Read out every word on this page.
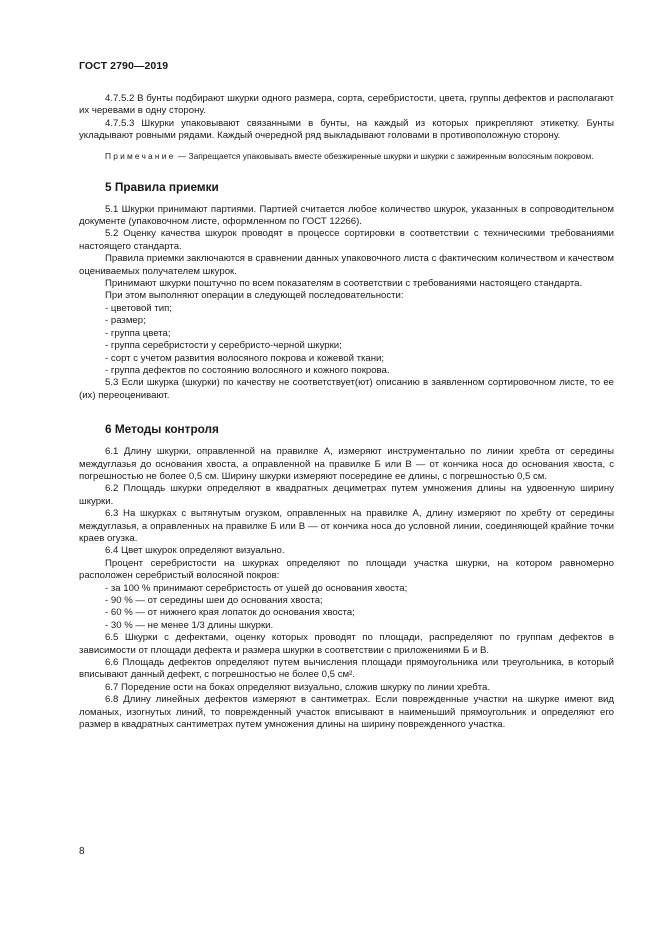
ГОСТ 2790—2019

4.7.5.2 В бунты подбирают шкурки одного размера, сорта, серебристости, цвета, группы дефектов и располагают их черевами в одну сторону.

4.7.5.3 Шкурки упаковывают связанными в бунты, на каждый из которых прикрепляют этикетку. Бунты укладывают ровными рядами. Каждый очередной ряд выкладывают головами в противоположную сторону.

Примечание — Запрещается упаковывать вместе обезжиренные шкурки и шкурки с зажиренным волосяным покровом.

5 Правила приемки

5.1 Шкурки принимают партиями. Партией считается любое количество шкурок, указанных в сопроводительном документе (упаковочном листе, оформленном по ГОСТ 12266).

5.2 Оценку качества шкурок проводят в процессе сортировки в соответствии с техническими требованиями настоящего стандарта.

Правила приемки заключаются в сравнении данных упаковочного листа с фактическим количеством и качеством оцениваемых получателем шкурок.

Принимают шкурки поштучно по всем показателям в соответствии с требованиями настоящего стандарта.

При этом выполняют операции в следующей последовательности:

- цветовой тип;

- размер;

- группа цвета;

- группа серебристости у серебристо-черной шкурки;

- сорт с учетом развития волосяного покрова и кожевой ткани;

- группа дефектов по состоянию волосяного и кожного покрова.

5.3 Если шкурка (шкурки) по качеству не соответствует(ют) описанию в заявленном сортировочном листе, то ее (их) переоценивают.

6 Методы контроля

6.1 Длину шкурки, оправленной на правилке А, измеряют инструментально по линии хребта от середины междуглазья до основания хвоста, а оправленной на правилке Б или В — от кончика носа до основания хвоста, с погрешностью не более 0,5 см. Ширину шкурки измеряют посередине ее длины, с погрешностью 0,5 см.

6.2 Площадь шкурки определяют в квадратных дециметрах путем умножения длины на удвоенную ширину шкурки.

6.3 На шкурках с вытянутым огузком, оправленных на правилке А, длину измеряют по хребту от середины междуглазья, а оправленных на правилке Б или В — от кончика носа до условной линии, соединяющей крайние точки краев огузка.

6.4 Цвет шкурок определяют визуально.

Процент серебристости на шкурках определяют по площади участка шкурки, на котором равномерно расположен серебристый волосяной покров:

- за 100 % принимают серебристость от ушей до основания хвоста;

- 90 % — от середины шеи до основания хвоста;

- 60 % — от нижнего края лопаток до основания хвоста;

- 30 % — не менее 1/3 длины шкурки.

6.5 Шкурки с дефектами, оценку которых проводят по площади, распределяют по группам дефектов в зависимости от площади дефекта и размера шкурки в соответствии с приложениями Б и В.

6.6 Площадь дефектов определяют путем вычисления площади прямоугольника или треугольника, в который вписывают данный дефект, с погрешностью не более 0,5 см².

6.7 Поредение ости на боках определяют визуально, сложив шкурку по линии хребта.

6.8 Длину линейных дефектов измеряют в сантиметрах. Если поврежденные участки на шкурке имеют вид ломаных, изогнутых линий, то поврежденный участок вписывают в наименьший прямоугольник и определяют его размер в квадратных сантиметрах путем умножения длины на ширину поврежденного участка.

8
